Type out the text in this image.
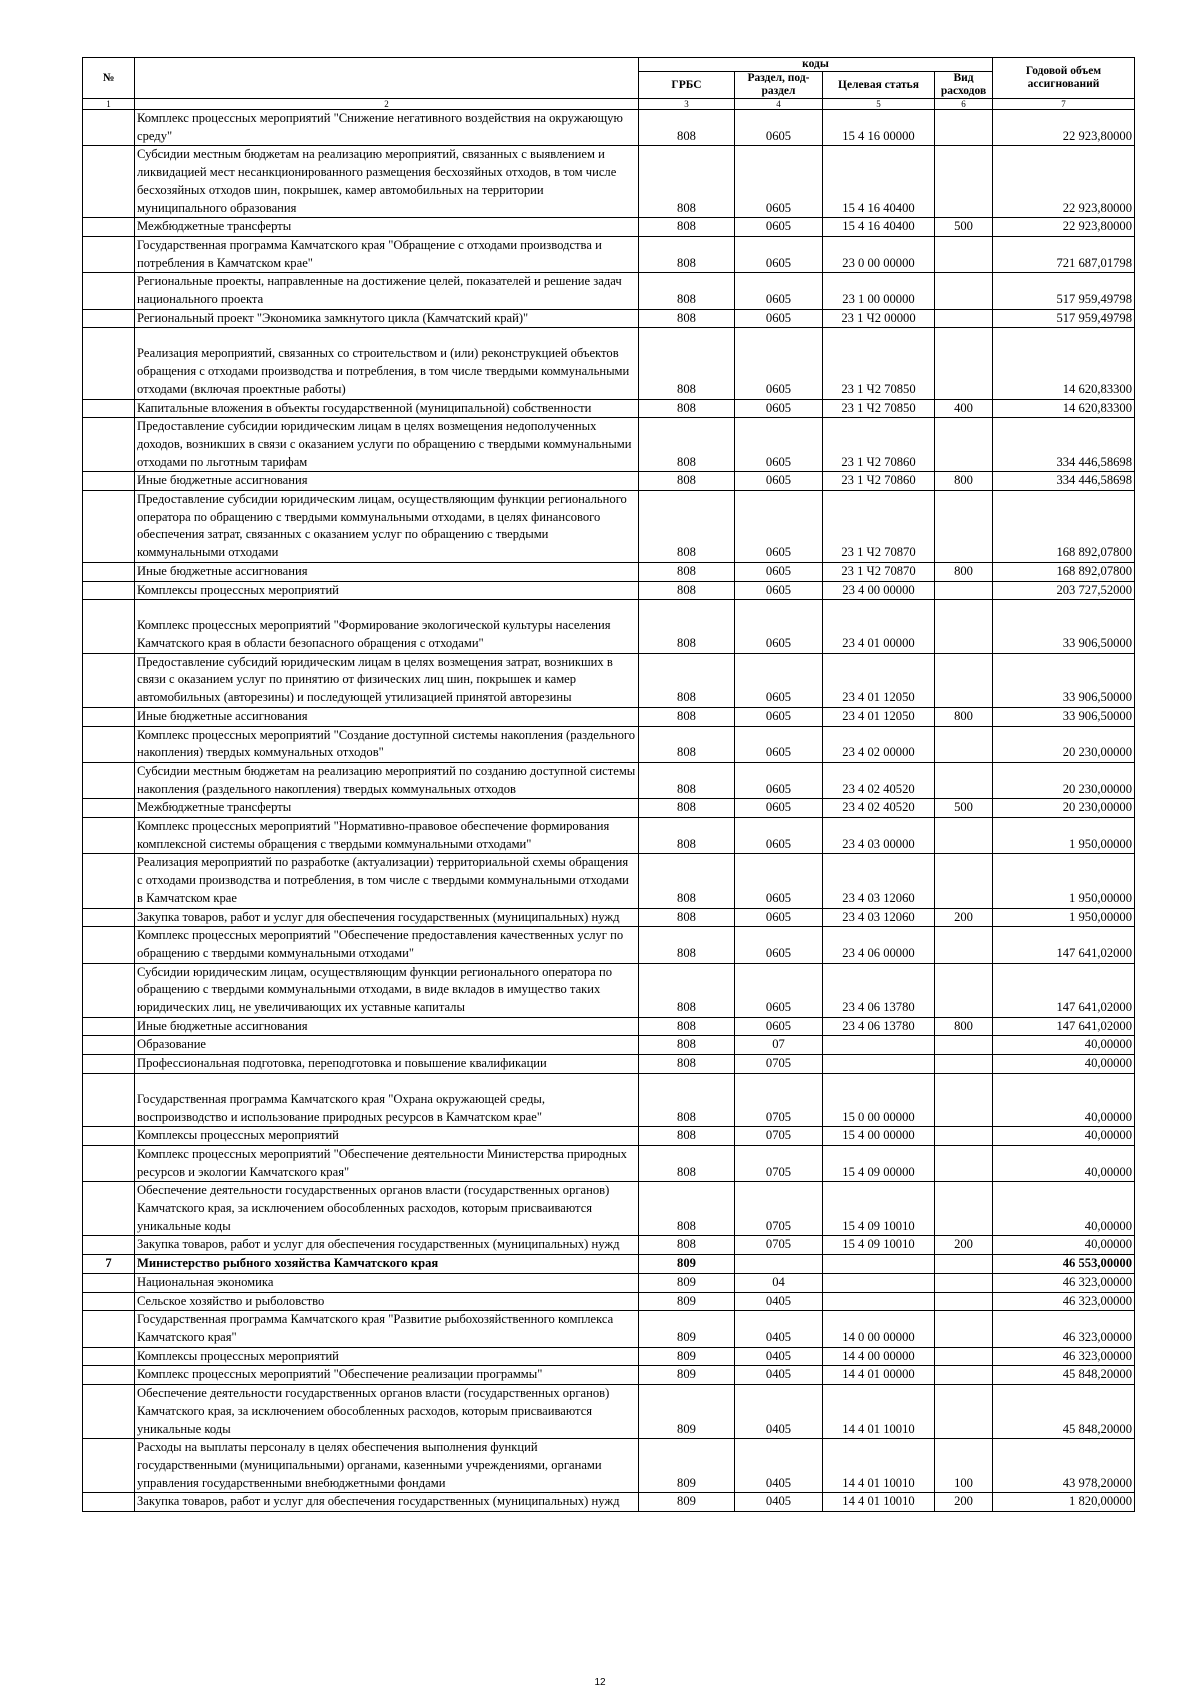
№		коды				Годовой объем ассигнований
		ГРБС	Раздел, под-раздел	Целевая статья	Вид расходов	
1	2	3	4	5	6	7
	Комплекс процессных мероприятий "Снижение негативного воздействия на окружающую среду"	808	0605	15 4 16 00000		22 923,80000
	Субсидии местным бюджетам на реализацию мероприятий, связанных с выявлением и ликвидацией мест несанкционированного размещения бесхозяйных отходов, в том числе бесхозяйных отходов шин, покрышек, камер автомобильных на территории муниципального образования	808	0605	15 4 16 40400		22 923,80000
	Межбюджетные трансферты	808	0605	15 4 16 40400	500	22 923,80000
	Государственная программа Камчатского края "Обращение с отходами производства и потребления в Камчатском крае"	808	0605	23 0 00 00000		721 687,01798
	Региональные проекты, направленные на достижение целей, показателей и решение задач национального проекта	808	0605	23 1 00 00000		517 959,49798
	Региональный проект "Экономика замкнутого цикла (Камчатский край)"	808	0605	23 1 Ч2 00000		517 959,49798
	Реализация мероприятий, связанных со строительством и (или) реконструкцией объектов обращения с отходами производства и потребления, в том числе твердыми коммунальными отходами (включая проектные работы)	808	0605	23 1 Ч2 70850		14 620,83300
	Капитальные вложения в объекты государственной (муниципальной) собственности	808	0605	23 1 Ч2 70850	400	14 620,83300
	Предоставление субсидии юридическим лицам в целях возмещения недополученных доходов, возникших в связи с оказанием услуги по обращению с твердыми коммунальными отходами по льготным тарифам	808	0605	23 1 Ч2 70860		334 446,58698
	Иные бюджетные ассигнования	808	0605	23 1 Ч2 70860	800	334 446,58698
	Предоставление субсидии юридическим лицам, осуществляющим функции регионального оператора по обращению с твердыми коммунальными отходами, в целях финансового обеспечения затрат, связанных с оказанием услуг по обращению с твердыми коммунальными отходами	808	0605	23 1 Ч2 70870		168 892,07800
	Иные бюджетные ассигнования	808	0605	23 1 Ч2 70870	800	168 892,07800
	Комплексы процессных мероприятий	808	0605	23 4 00 00000		203 727,52000
	Комплекс процессных мероприятий "Формирование экологической культуры населения Камчатского края в области безопасного обращения с отходами"	808	0605	23 4 01 00000		33 906,50000
	Предоставление субсидий юридическим лицам в целях возмещения затрат, возникших в связи с оказанием услуг по принятию от физических лиц шин, покрышек и камер автомобильных (авторезины) и последующей утилизацией принятой авторезины	808	0605	23 4 01 12050		33 906,50000
	Иные бюджетные ассигнования	808	0605	23 4 01 12050	800	33 906,50000
	Комплекс процессных мероприятий "Создание доступной системы накопления (раздельного накопления) твердых коммунальных отходов"	808	0605	23 4 02 00000		20 230,00000
	Субсидии местным бюджетам на реализацию мероприятий по созданию доступной системы накопления (раздельного накопления) твердых коммунальных отходов	808	0605	23 4 02 40520		20 230,00000
	Межбюджетные трансферты	808	0605	23 4 02 40520	500	20 230,00000
	Комплекс процессных мероприятий "Нормативно-правовое обеспечение формирования комплексной системы обращения с твердыми коммунальными отходами"	808	0605	23 4 03 00000		1 950,00000
	Реализация мероприятий по разработке (актуализации) территориальной схемы обращения с отходами производства и потребления, в том числе с твердыми коммунальными отходами в Камчатском крае	808	0605	23 4 03 12060		1 950,00000
	Закупка товаров, работ и услуг для обеспечения государственных (муниципальных) нужд	808	0605	23 4 03 12060	200	1 950,00000
	Комплекс процессных мероприятий "Обеспечение предоставления качественных услуг по обращению с твердыми коммунальными отходами"	808	0605	23 4 06 00000		147 641,02000
	Субсидии юридическим лицам, осуществляющим функции регионального оператора по обращению с твердыми коммунальными отходами, в виде вкладов в имущество таких юридических лиц, не увеличивающих их уставные капиталы	808	0605	23 4 06 13780		147 641,02000
	Иные бюджетные ассигнования	808	0605	23 4 06 13780	800	147 641,02000
	Образование	808	07			40,00000
	Профессиональная подготовка, переподготовка и повышение квалификации	808	0705			40,00000
	Государственная программа Камчатского края "Охрана окружающей среды, воспроизводство и использование природных ресурсов в Камчатском крае"	808	0705	15 0 00 00000		40,00000
	Комплексы процессных мероприятий	808	0705	15 4 00 00000		40,00000
	Комплекс процессных мероприятий "Обеспечение деятельности Министерства природных ресурсов и экологии Камчатского края"	808	0705	15 4 09 00000		40,00000
	Обеспечение деятельности государственных органов власти (государственных органов) Камчатского края, за исключением обособленных расходов, которым присваиваются уникальные коды	808	0705	15 4 09 10010		40,00000
	Закупка товаров, работ и услуг для обеспечения государственных (муниципальных) нужд	808	0705	15 4 09 10010	200	40,00000
7	Министерство рыбного хозяйства Камчатского края	809				46 553,00000
	Национальная экономика	809	04			46 323,00000
	Сельское хозяйство и рыболовство	809	0405			46 323,00000
	Государственная программа Камчатского края "Развитие рыбохозяйственного комплекса Камчатского края"	809	0405	14 0 00 00000		46 323,00000
	Комплексы процессных мероприятий	809	0405	14 4 00 00000		46 323,00000
	Комплекс процессных мероприятий "Обеспечение реализации программы"	809	0405	14 4 01 00000		45 848,20000
	Обеспечение деятельности государственных органов власти (государственных органов) Камчатского края, за исключением обособленных расходов, которым присваиваются уникальные коды	809	0405	14 4 01 10010		45 848,20000
	Расходы на выплаты персоналу в целях обеспечения выполнения функций государственными (муниципальными) органами, казенными учреждениями, органами управления государственными внебюджетными фондами	809	0405	14 4 01 10010	100	43 978,20000
	Закупка товаров, работ и услуг для обеспечения государственных (муниципальных) нужд	809	0405	14 4 01 10010	200	1 820,00000
12
